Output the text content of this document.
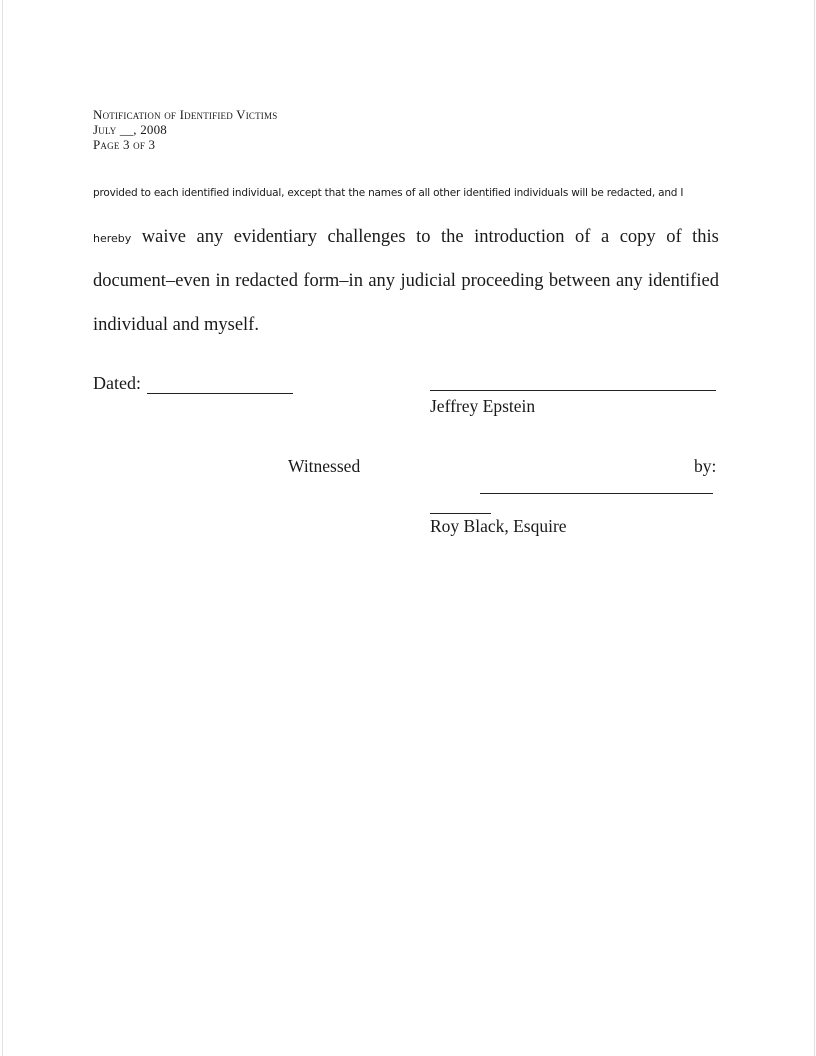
Notification of Identified Victims
July __, 2008
Page 3 of 3
provided to each identified individual, except that the names of all other identified individuals will be redacted, and I
hereby waive any evidentiary challenges to the introduction of a copy of this
document–even in redacted form–in any judicial proceeding between any identified
individual and myself.
Dated:
Jeffrey Epstein
Witnessed	by:
Roy Black, Esquire
